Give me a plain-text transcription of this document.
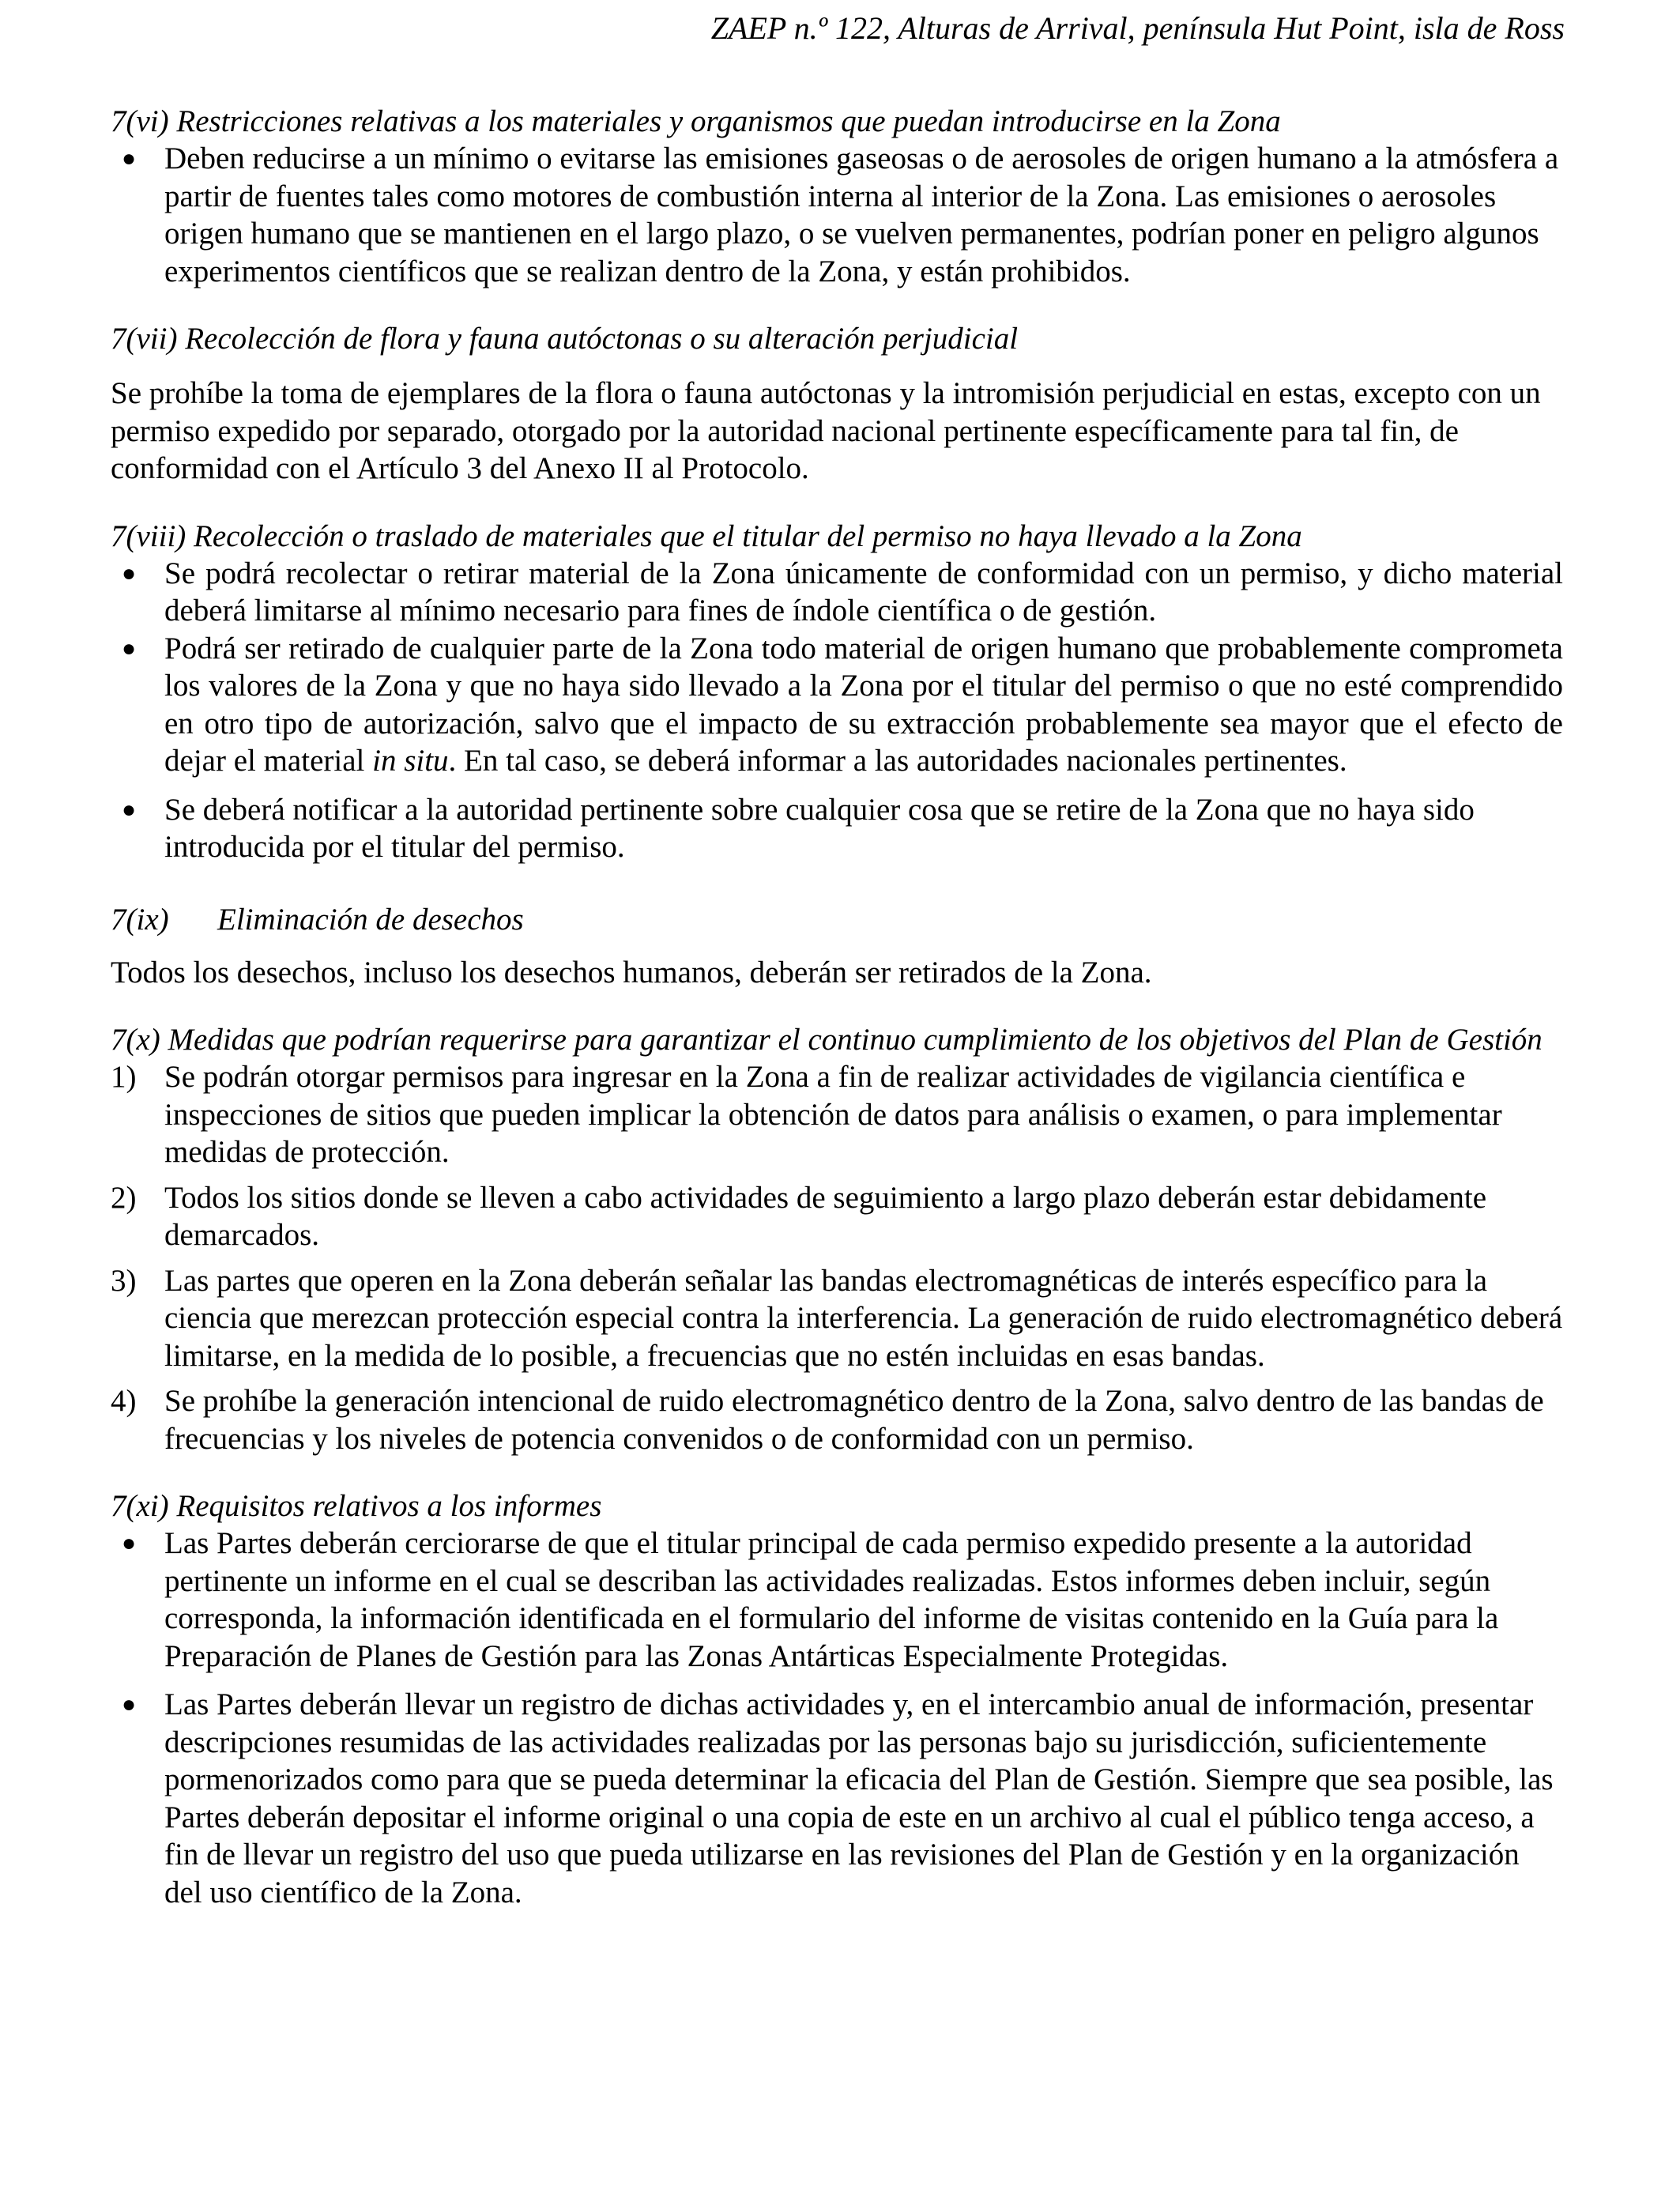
ZAEP n.º 122, Alturas de Arrival, península Hut Point, isla de Ross
7(vi) Restricciones relativas a los materiales y organismos que puedan introducirse en la Zona
● Deben reducirse a un mínimo o evitarse las emisiones gaseosas o de aerosoles de origen humano a la atmósfera a partir de fuentes tales como motores de combustión interna al interior de la Zona. Las emisiones o aerosoles origen humano que se mantienen en el largo plazo, o se vuelven permanentes, podrían poner en peligro algunos experimentos científicos que se realizan dentro de la Zona, y están prohibidos.
7(vii) Recolección de flora y fauna autóctonas o su alteración perjudicial

Se prohíbe la toma de ejemplares de la flora o fauna autóctonas y la intromisión perjudicial en estas, excepto con un permiso expedido por separado, otorgado por la autoridad nacional pertinente específicamente para tal fin, de conformidad con el Artículo 3 del Anexo II al Protocolo.

7(viii) Recolección o traslado de materiales que el titular del permiso no haya llevado a la Zona
● Se podrá recolectar o retirar material de la Zona únicamente de conformidad con un permiso, y dicho material deberá limitarse al mínimo necesario para fines de índole científica o de gestión.
● Podrá ser retirado de cualquier parte de la Zona todo material de origen humano que probablemente comprometa los valores de la Zona y que no haya sido llevado a la Zona por el titular del permiso o que no esté comprendido en otro tipo de autorización, salvo que el impacto de su extracción probablemente sea mayor que el efecto de dejar el material in situ. En tal caso, se deberá informar a las autoridades nacionales pertinentes.
● Se deberá notificar a la autoridad pertinente sobre cualquier cosa que se retire de la Zona que no haya sido introducida por el titular del permiso.
7(ix) Eliminación de desechos

Todos los desechos, incluso los desechos humanos, deberán ser retirados de la Zona.

7(x) Medidas que podrían requerirse para garantizar el continuo cumplimiento de los objetivos del Plan de Gestión
1) Se podrán otorgar permisos para ingresar en la Zona a fin de realizar actividades de vigilancia científica e inspecciones de sitios que pueden implicar la obtención de datos para análisis o examen, o para implementar medidas de protección.
2) Todos los sitios donde se lleven a cabo actividades de seguimiento a largo plazo deberán estar debidamente demarcados.
3) Las partes que operen en la Zona deberán señalar las bandas electromagnéticas de interés específico para la ciencia que merezcan protección especial contra la interferencia. La generación de ruido electromagnético deberá limitarse, en la medida de lo posible, a frecuencias que no estén incluidas en esas bandas.
4) Se prohíbe la generación intencional de ruido electromagnético dentro de la Zona, salvo dentro de las bandas de frecuencias y los niveles de potencia convenidos o de conformidad con un permiso.
7(xi) Requisitos relativos a los informes
● Las Partes deberán cerciorarse de que el titular principal de cada permiso expedido presente a la autoridad pertinente un informe en el cual se describan las actividades realizadas. Estos informes deben incluir, según corresponda, la información identificada en el formulario del informe de visitas contenido en la Guía para la Preparación de Planes de Gestión para las Zonas Antárticas Especialmente Protegidas.
● Las Partes deberán llevar un registro de dichas actividades y, en el intercambio anual de información, presentar descripciones resumidas de las actividades realizadas por las personas bajo su jurisdicción, suficientemente pormenorizados como para que se pueda determinar la eficacia del Plan de Gestión. Siempre que sea posible, las Partes deberán depositar el informe original o una copia de este en un archivo al cual el público tenga acceso, a fin de llevar un registro del uso que pueda utilizarse en las revisiones del Plan de Gestión y en la organización del uso científico de la Zona.
